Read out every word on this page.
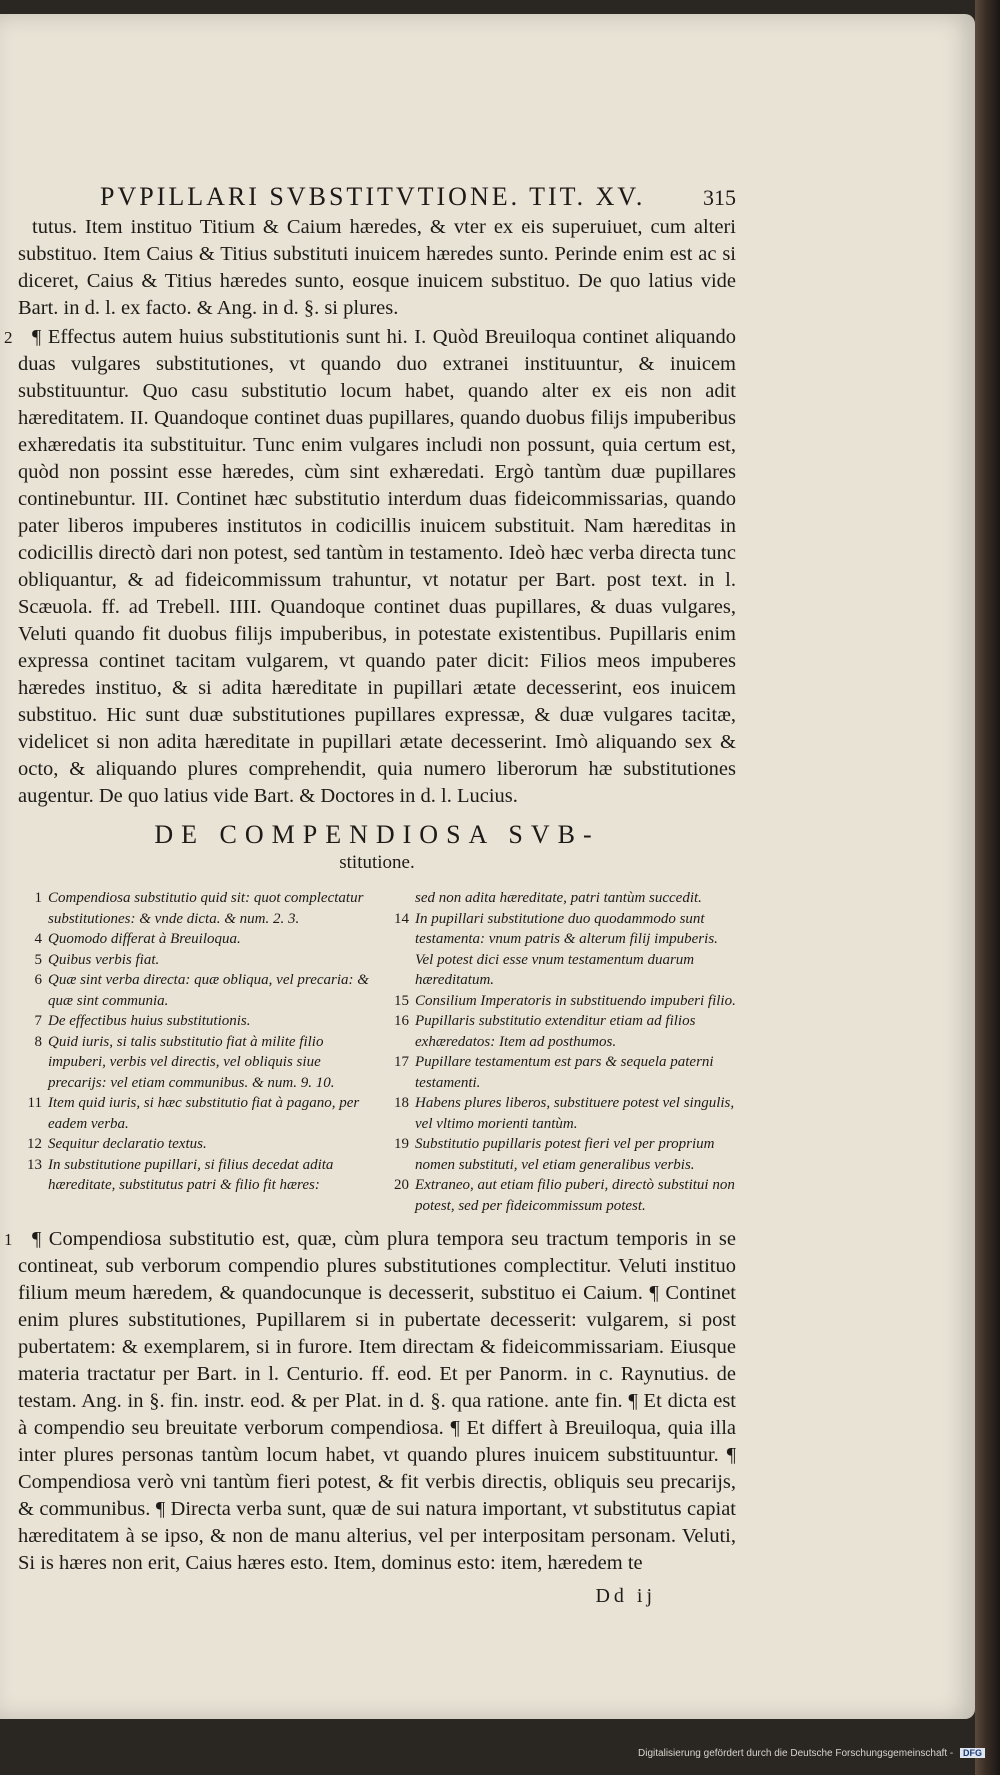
PVPILLARI SVBSTITVTIONE. TIT. XV.	315

tutus. Item instituo Titium & Caium hæredes, & vter ex eis superuiuet, cum alteri substituo. Item Caius & Titius substituti inuicem hæredes sunto. Perinde enim est ac si diceret, Caius & Titius hæredes sunto, eosque inuicem substituo. De quo latius vide Bart. in d. l. ex facto. & Ang. in d. §. si plures.

2 ¶ Effectus autem huius substitutionis sunt hi. I. Quòd Breuiloqua continet aliquando duas vulgares substitutiones, vt quando duo extranei instituuntur, & inuicem substituuntur. Quo casu substitutio locum habet, quando alter ex eis non adit hæreditatem. II. Quandoque continet duas pupillares, quando duobus filijs impuberibus exhæredatis ita substituitur. Tunc enim vulgares includi non possunt, quia certum est, quòd non possint esse hæredes, cùm sint exhæredati. Ergò tantùm duæ pupillares continebuntur. III. Continet hæc substitutio interdum duas fideicommissarias, quando pater liberos impuberes institutos in codicillis inuicem substituit. Nam hæreditas in codicillis directò dari non potest, sed tantùm in testamento. Ideò hæc verba directa tunc obliquantur, & ad fideicommissum trahuntur, vt notatur per Bart. post text. in l. Scæuola. ff. ad Trebell. IIII. Quandoque continet duas pupillares, & duas vulgares, Veluti quando fit duobus filijs impuberibus, in potestate existentibus. Pupillaris enim expressa continet tacitam vulgarem, vt quando pater dicit: Filios meos impuberes hæredes instituo, & si adita hæreditate in pupillari ætate decesserint, eos inuicem substituo. Hic sunt duæ substitutiones pupillares expressæ, & duæ vulgares tacitæ, videlicet si non adita hæreditate in pupillari ætate decesserint. Imò aliquando sex & octo, & aliquando plures comprehendit, quia numero liberorum hæ substitutiones augentur. De quo latius vide Bart. & Doctores in d. l. Lucius.

DE COMPENDIOSA SVB-
stitutione.
1 Compendiosa substitutio quid sit: quot complectatur substitutiones: & vnde dicta. & num. 2. 3.
4 Quomodo differat à Breuiloqua.
5 Quibus verbis fiat.
6 Quæ sint verba directa: quæ obliqua, vel precaria: & quæ sint communia.
7 De effectibus huius substitutionis.
8 Quid iuris, si talis substitutio fiat à milite filio impuberi, verbis vel directis, vel obliquis siue precarijs: vel etiam communibus. & num. 9. 10.
11 Item quid iuris, si hæc substitutio fiat à pagano, per eadem verba.
12 Sequitur declaratio textus.
13 In substitutione pupillari, si filius decedat adita hæreditate, substitutus patri & filio fit hæres:
sed non adita hæreditate, patri tantùm succedit.
14 In pupillari substitutione duo quodammodo sunt testamenta: vnum patris & alterum filij impuberis. Vel potest dici esse vnum testamentum duarum hæreditatum.
15 Consilium Imperatoris in substituendo impuberi filio.
16 Pupillaris substitutio extenditur etiam ad filios exhæredatos: Item ad posthumos.
17 Pupillare testamentum est pars & sequela paterni testamenti.
18 Habens plures liberos, substituere potest vel singulis, vel vltimo morienti tantùm.
19 Substitutio pupillaris potest fieri vel per proprium nomen substituti, vel etiam generalibus verbis.
20 Extraneo, aut etiam filio puberi, directò substitui non potest, sed per fideicommissum potest.

1 ¶ Compendiosa substitutio est, quæ, cùm plura tempora seu tractum temporis in se contineat, sub verborum compendio plures substitutiones complectitur. Veluti instituo filium meum hæredem, & quandocunque is decesserit, substituo ei Caium. ¶ Continet enim plures substitutiones, Pupillarem si in pubertate decesserit: vulgarem, si post pubertatem: & exemplarem, si in furore. Item directam & fideicommissariam. Eiusque materia tractatur per Bart. in l. Centurio. ff. eod. Et per Panorm. in c. Raynutius. de testam. Ang. in §. fin. instr. eod. & per Plat. in d. §. qua ratione. ante fin. ¶ Et dicta est à compendio seu breuitate verborum compendiosa. ¶ Et differt à Breuiloqua, quia illa inter plures personas tantùm locum habet, vt quando plures inuicem substituuntur. ¶ Compendiosa verò vni tantùm fieri potest, & fit verbis directis, obliquis seu precarijs, & communibus. ¶ Directa verba sunt, quæ de sui natura important, vt substitutus capiat hæreditatem à se ipso, & non de manu alterius, vel per interpositam personam. Veluti, Si is hæres non erit, Caius hæres esto. Item, dominus esto: item, hæredem te

Dd ij
Digitalisierung gefördert durch die Deutsche Forschungsgemeinschaft - DFG
